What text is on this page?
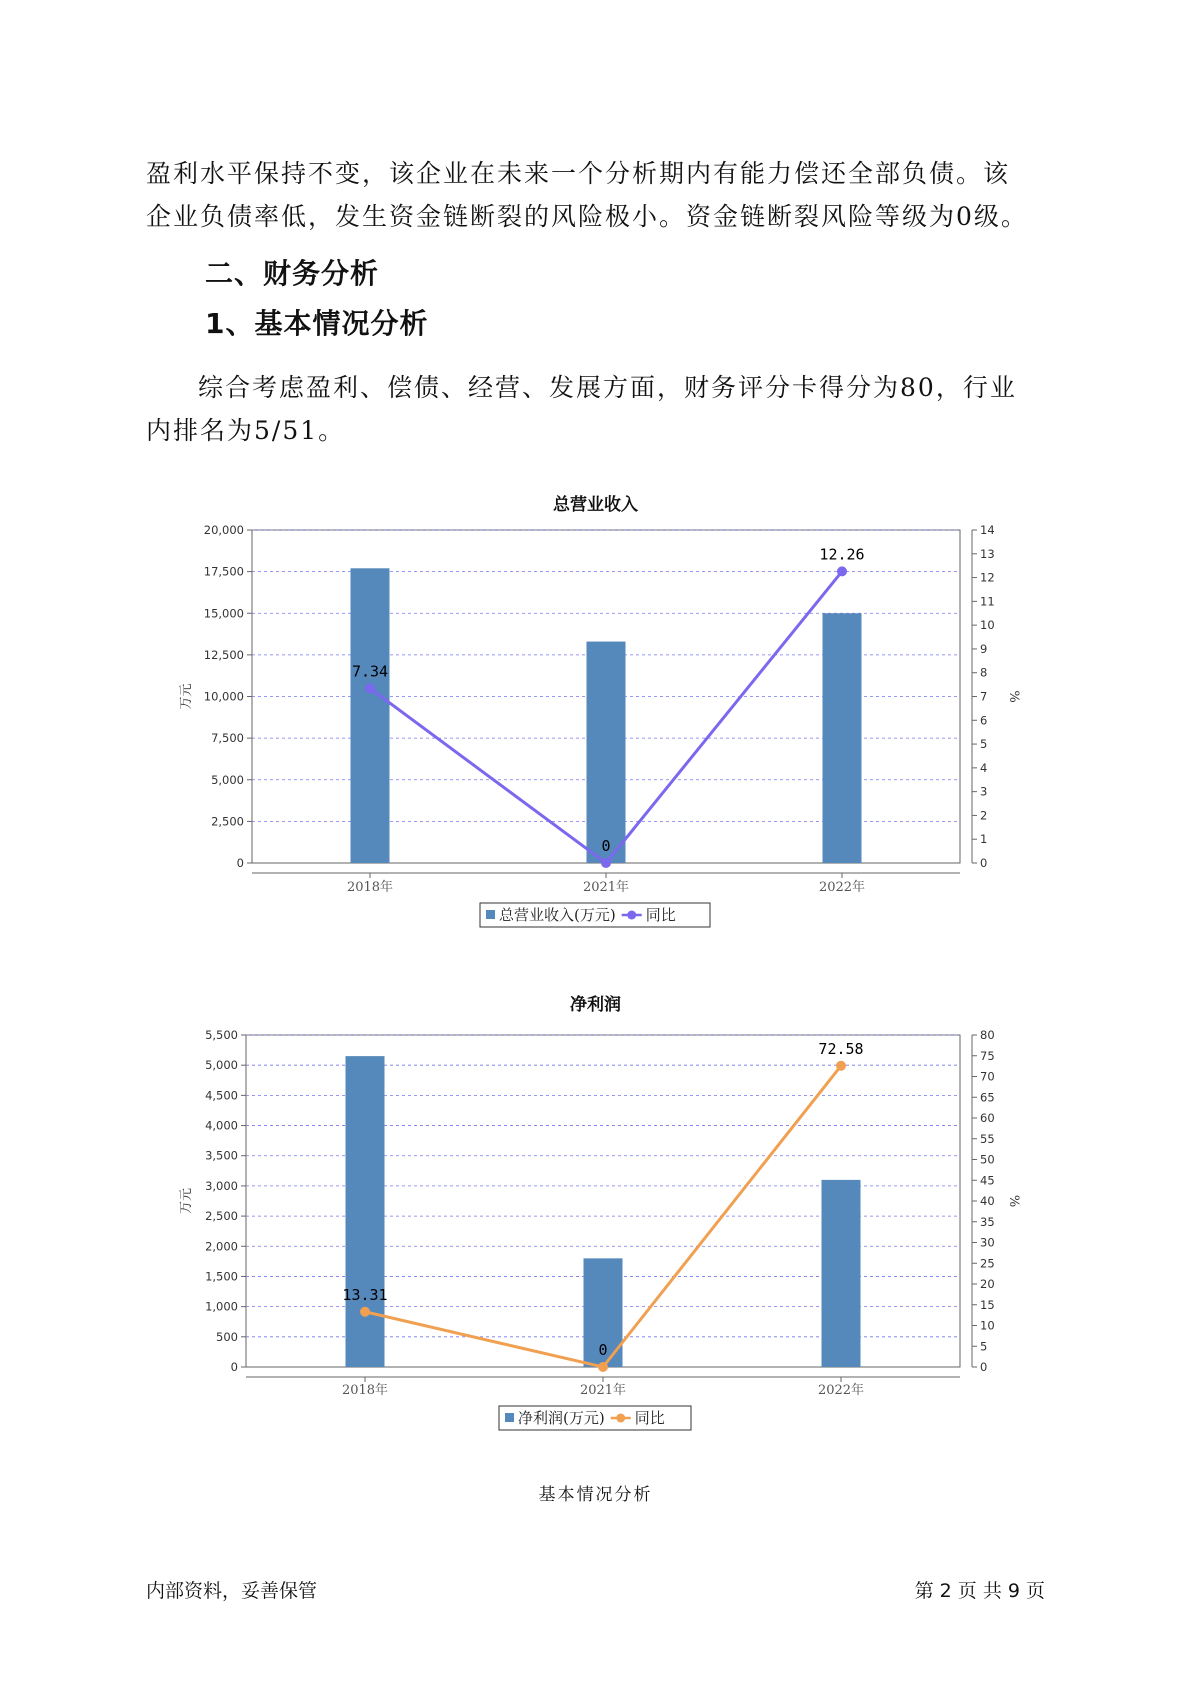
盈利水平保持不变，该企业在未来一个分析期内有能力偿还全部负债。该
企业负债率低，发生资金链断裂的风险极小。资金链断裂风险等级为0级。

二、财务分析
1、基本情况分析

综合考虑盈利、偿债、经营、发展方面，财务评分卡得分为80，行业
内排名为5/51。

总营业收入
0
2,500
5,000
7,500
10,000
12,500
15,000
17,500
20,000
0
1
2
3
4
5
6
7
8
9
10
11
12
13
14
万元	%
2018年	2021年	2022年
7.34
0
12.26
总营业收入(万元) 同比
净利润
0
500
1,000
1,500
2,000
2,500
3,000
3,500
4,000
4,500
5,000
5,500
0
5
10
15
20
25
30
35
40
45
50
55
60
65
70
75
80
万元	%
2018年	2021年	2022年
13.31
0
72.58
净利润(万元) 同比
基本情况分析
内部资料，妥善保管	第 2 页 共 9 页
